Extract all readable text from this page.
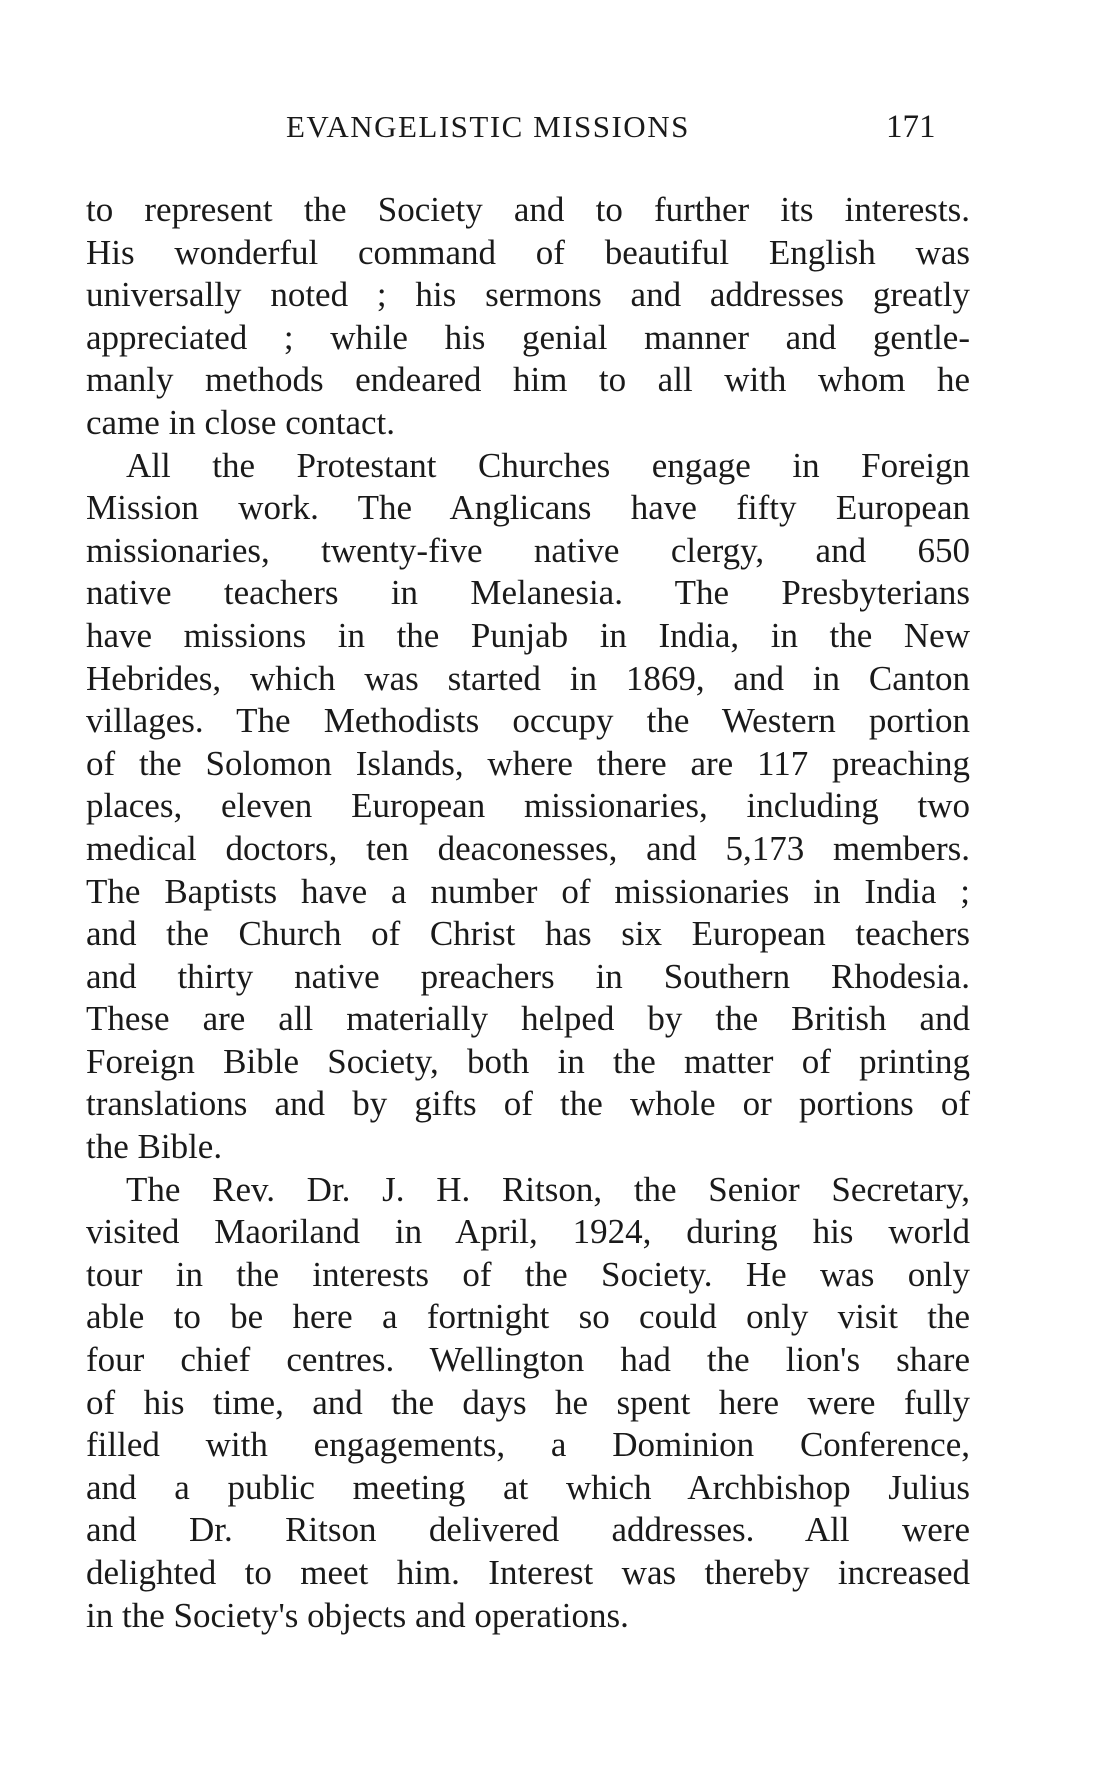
EVANGELISTIC MISSIONS	171
to represent the Society and to further its interests.
His wonderful command of beautiful English was
universally noted ; his sermons and addresses greatly
appreciated ; while his genial manner and gentle-
manly methods endeared him to all with whom he
came in close contact.
All the Protestant Churches engage in Foreign
Mission work. The Anglicans have fifty European
missionaries, twenty-five native clergy, and 650
native teachers in Melanesia. The Presbyterians
have missions in the Punjab in India, in the New
Hebrides, which was started in 1869, and in Canton
villages. The Methodists occupy the Western portion
of the Solomon Islands, where there are 117 preaching
places, eleven European missionaries, including two
medical doctors, ten deaconesses, and 5,173 members.
The Baptists have a number of missionaries in India ;
and the Church of Christ has six European teachers
and thirty native preachers in Southern Rhodesia.
These are all materially helped by the British and
Foreign Bible Society, both in the matter of printing
translations and by gifts of the whole or portions of
the Bible.
The Rev. Dr. J. H. Ritson, the Senior Secretary,
visited Maoriland in April, 1924, during his world
tour in the interests of the Society. He was only
able to be here a fortnight so could only visit the
four chief centres. Wellington had the lion's share
of his time, and the days he spent here were fully
filled with engagements, a Dominion Conference,
and a public meeting at which Archbishop Julius
and Dr. Ritson delivered addresses. All were
delighted to meet him. Interest was thereby increased
in the Society's objects and operations.
